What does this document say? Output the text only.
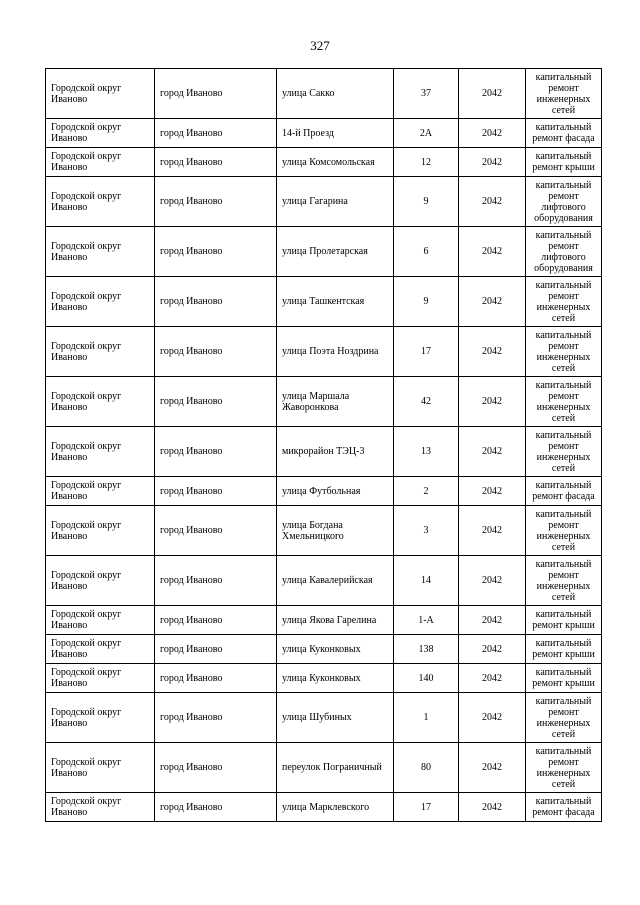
327
Городской округ Иваново	город Иваново	улица Сакко	37	2042	капитальный
ремонт
инженерных
сетей

Городской округ Иваново	город Иваново	14-й Проезд	2А	2042	капитальный
ремонт фасада

Городской округ Иваново	город Иваново	улица Комсомольская	12	2042	капитальный
ремонт крыши

Городской округ Иваново	город Иваново	улица Гагарина	9	2042	капитальный
ремонт
лифтового
оборудования

Городской округ Иваново	город Иваново	улица Пролетарская	6	2042	капитальный
ремонт
лифтового
оборудования

Городской округ Иваново	город Иваново	улица Ташкентская	9	2042	капитальный
ремонт
инженерных
сетей

Городской округ Иваново	город Иваново	улица Поэта Ноздрина	17	2042	капитальный
ремонт
инженерных
сетей

Городской округ Иваново	город Иваново	улица Маршала Жаворонкова	42	2042	капитальный
ремонт
инженерных
сетей

Городской округ Иваново	город Иваново	микрорайон ТЭЦ-3	13	2042	капитальный
ремонт
инженерных
сетей

Городской округ Иваново	город Иваново	улица Футбольная	2	2042	капитальный
ремонт фасада

Городской округ Иваново	город Иваново	улица Богдана Хмельницкого	3	2042	капитальный
ремонт
инженерных
сетей

Городской округ Иваново	город Иваново	улица Кавалерийская	14	2042	капитальный
ремонт
инженерных
сетей

Городской округ Иваново	город Иваново	улица Якова Гарелина	1-А	2042	капитальный
ремонт крыши

Городской округ Иваново	город Иваново	улица Куконковых	138	2042	капитальный
ремонт крыши

Городской округ Иваново	город Иваново	улица Куконковых	140	2042	капитальный
ремонт крыши

Городской округ Иваново	город Иваново	улица Шубиных	1	2042	капитальный
ремонт
инженерных
сетей

Городской округ Иваново	город Иваново	переулок Пограничный	80	2042	капитальный
ремонт
инженерных
сетей

Городской округ Иваново	город Иваново	улица Марклевского	17	2042	капитальный
ремонт фасада
